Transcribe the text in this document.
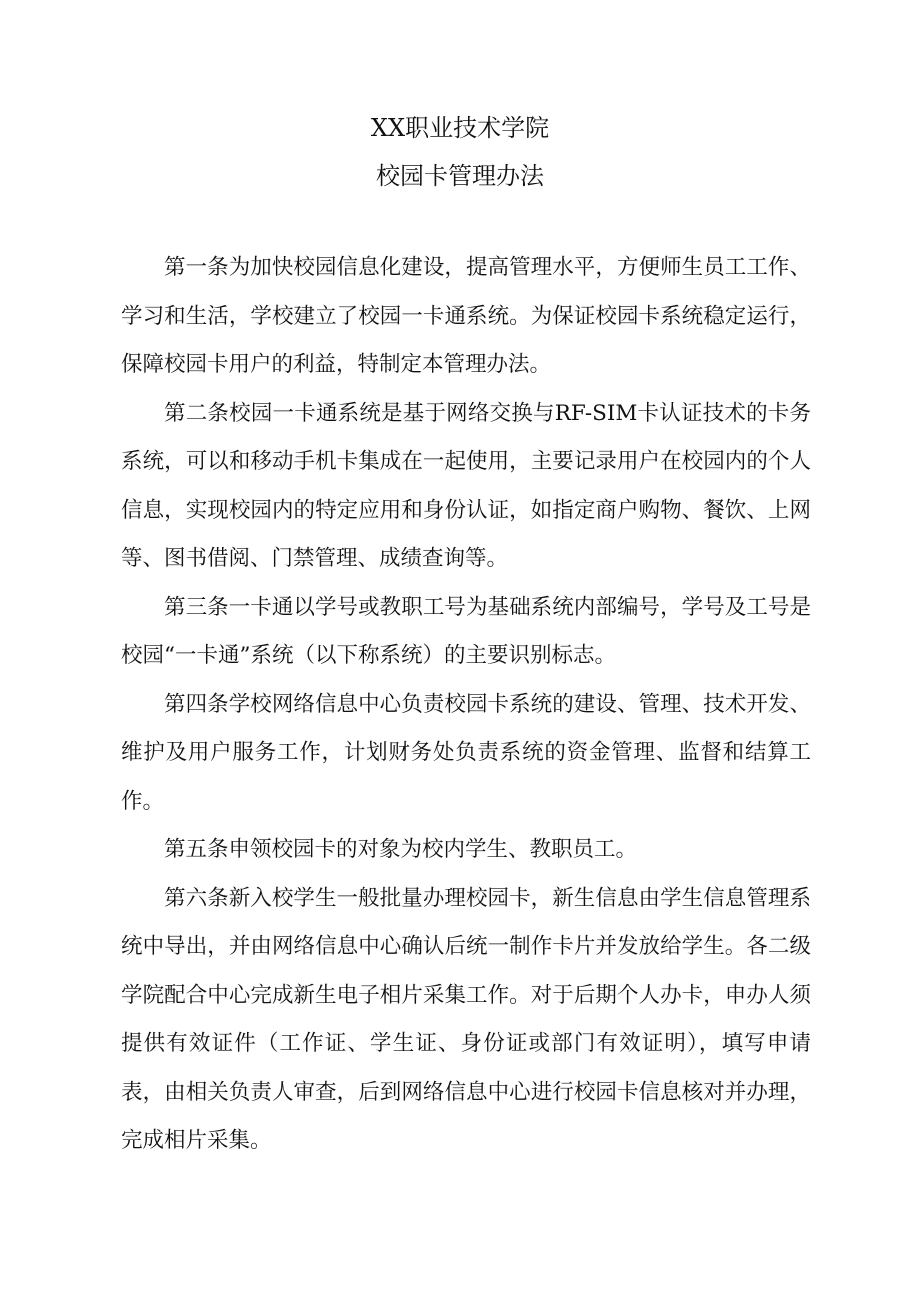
XX职业技术学院
校园卡管理办法

第一条为加快校园信息化建设，提高管理水平，方便师生员工工作、学习和生活，学校建立了校园一卡通系统。为保证校园卡系统稳定运行，保障校园卡用户的利益，特制定本管理办法。

第二条校园一卡通系统是基于网络交换与RF-SIM卡认证技术的卡务系统，可以和移动手机卡集成在一起使用，主要记录用户在校园内的个人信息，实现校园内的特定应用和身份认证，如指定商户购物、餐饮、上网等、图书借阅、门禁管理、成绩查询等。

第三条一卡通以学号或教职工号为基础系统内部编号，学号及工号是校园“一卡通”系统（以下称系统）的主要识别标志。

第四条学校网络信息中心负责校园卡系统的建设、管理、技术开发、维护及用户服务工作，计划财务处负责系统的资金管理、监督和结算工作。

第五条申领校园卡的对象为校内学生、教职员工。

第六条新入校学生一般批量办理校园卡，新生信息由学生信息管理系统中导出，并由网络信息中心确认后统一制作卡片并发放给学生。各二级学院配合中心完成新生电子相片采集工作。对于后期个人办卡，申办人须提供有效证件（工作证、学生证、身份证或部门有效证明），填写申请表，由相关负责人审查，后到网络信息中心进行校园卡信息核对并办理，完成相片采集。
